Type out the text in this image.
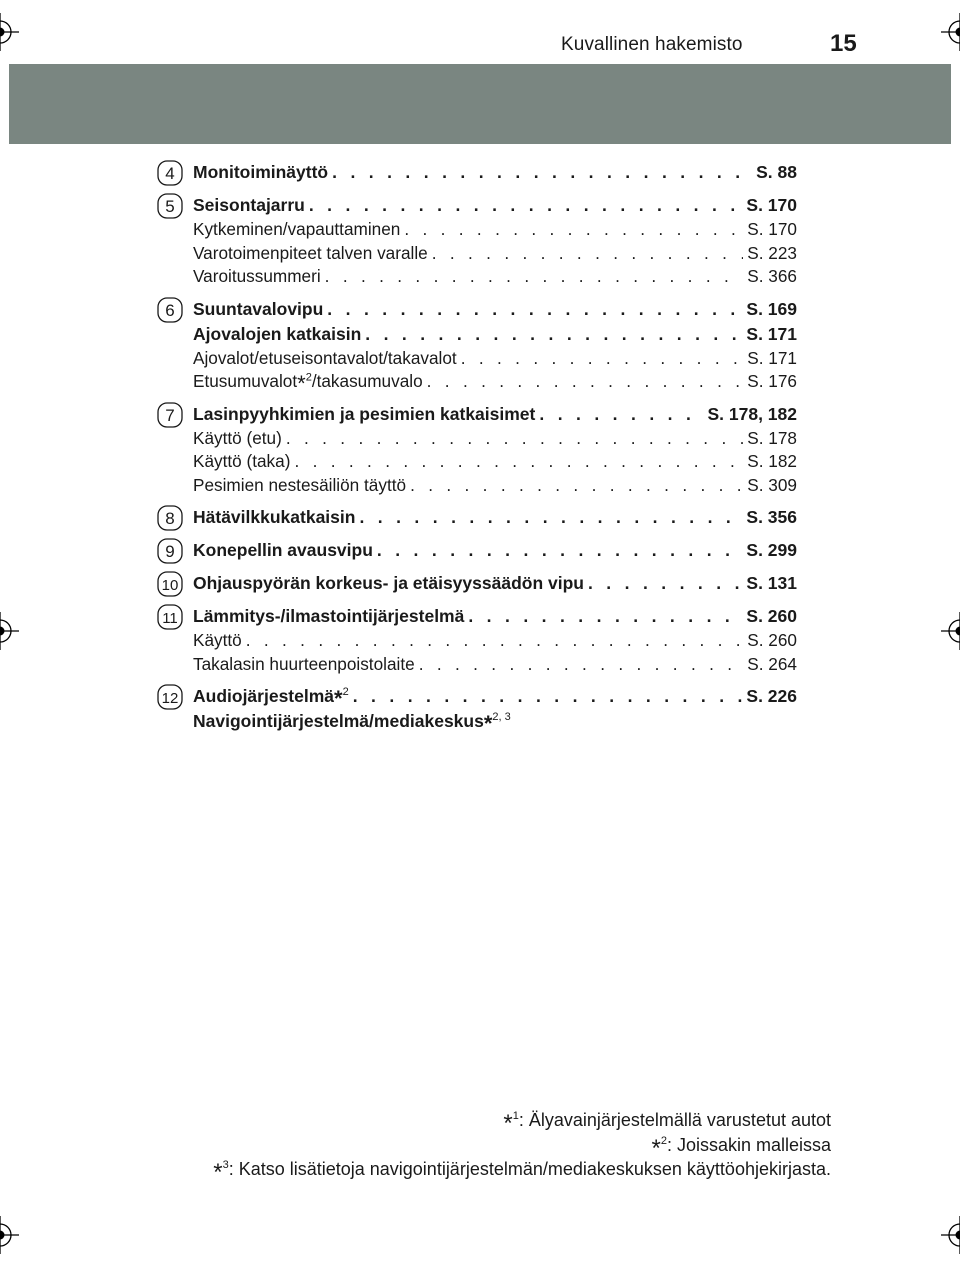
Kuvallinen hakemisto	15
4 Monitoiminäyttö . . .	S. 88
5 Seisontajarru . . .	S. 170
Kytkeminen/vapauttaminen . . .	S. 170
Varotoimenpiteet talven varalle . . .	S. 223
Varoitussummeri . . .	S. 366
6 Suuntavalovipu . . .	S. 169
Ajovalojen katkaisin . . .	S. 171
Ajovalot/etuseisontavalot/takavalot . . .	S. 171
Etusumuvalot$^{*2}$/takasumuvalo . . .	S. 176
7 Lasinpyyhkimien ja pesimien katkaisimet . . .	S. 178, 182
Käyttö (etu) . . .	S. 178
Käyttö (taka) . . .	S. 182
Pesimien nestesäiliön täyttö . . .	S. 309
8 Hätävilkkukatkaisin . . .	S. 356
9 Konepellin avausvipu . . .	S. 299
10 Ohjauspyörän korkeus- ja etäisyyssäädön vipu . . .	S. 131
11 Lämmitys-/ilmastointijärjestelmä . . .	S. 260
Käyttö . . .	S. 260
Takalasin huurteenpoistolaite . . .	S. 264
12 Audiojärjestelmä$^{*2}$ . . .	S. 226
Navigointijärjestelmä/mediakeskus$^{*2, 3}$
*$^1$: Älyavainjärjestelmällä varustetut autot
*$^2$: Joissakin malleissa
*$^3$: Katso lisätietoja navigointijärjestelmän/mediakeskuksen käyttöohjekirjasta.
